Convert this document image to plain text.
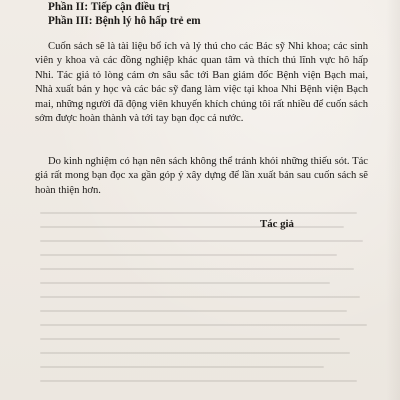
Phần II: Tiếp cận điều trị

Phần III: Bệnh lý hô hấp trẻ em

Cuốn sách sẽ là tài liệu bổ ích và lý thú cho các Bác sỹ Nhi khoa; các sinh viên y khoa và các đồng nghiệp khác quan tâm và thích thú lĩnh vực hô hấp Nhi. Tác giả tỏ lòng cám ơn sâu sắc tới Ban giám đốc Bệnh viện Bạch mai, Nhà xuất bản y học và các bác sỹ đang làm việc tại khoa Nhi Bệnh viện Bạch mai, những người đã động viên khuyến khích chúng tôi rất nhiều để cuốn sách sớm được hoàn thành và tới tay bạn đọc cả nước.

Do kinh nghiệm có hạn nên sách không thể tránh khỏi những thiếu sót. Tác giả rất mong bạn đọc xa gần góp ý xây dựng để lần xuất bản sau cuốn sách sẽ hoàn thiện hơn.

Tác giả
